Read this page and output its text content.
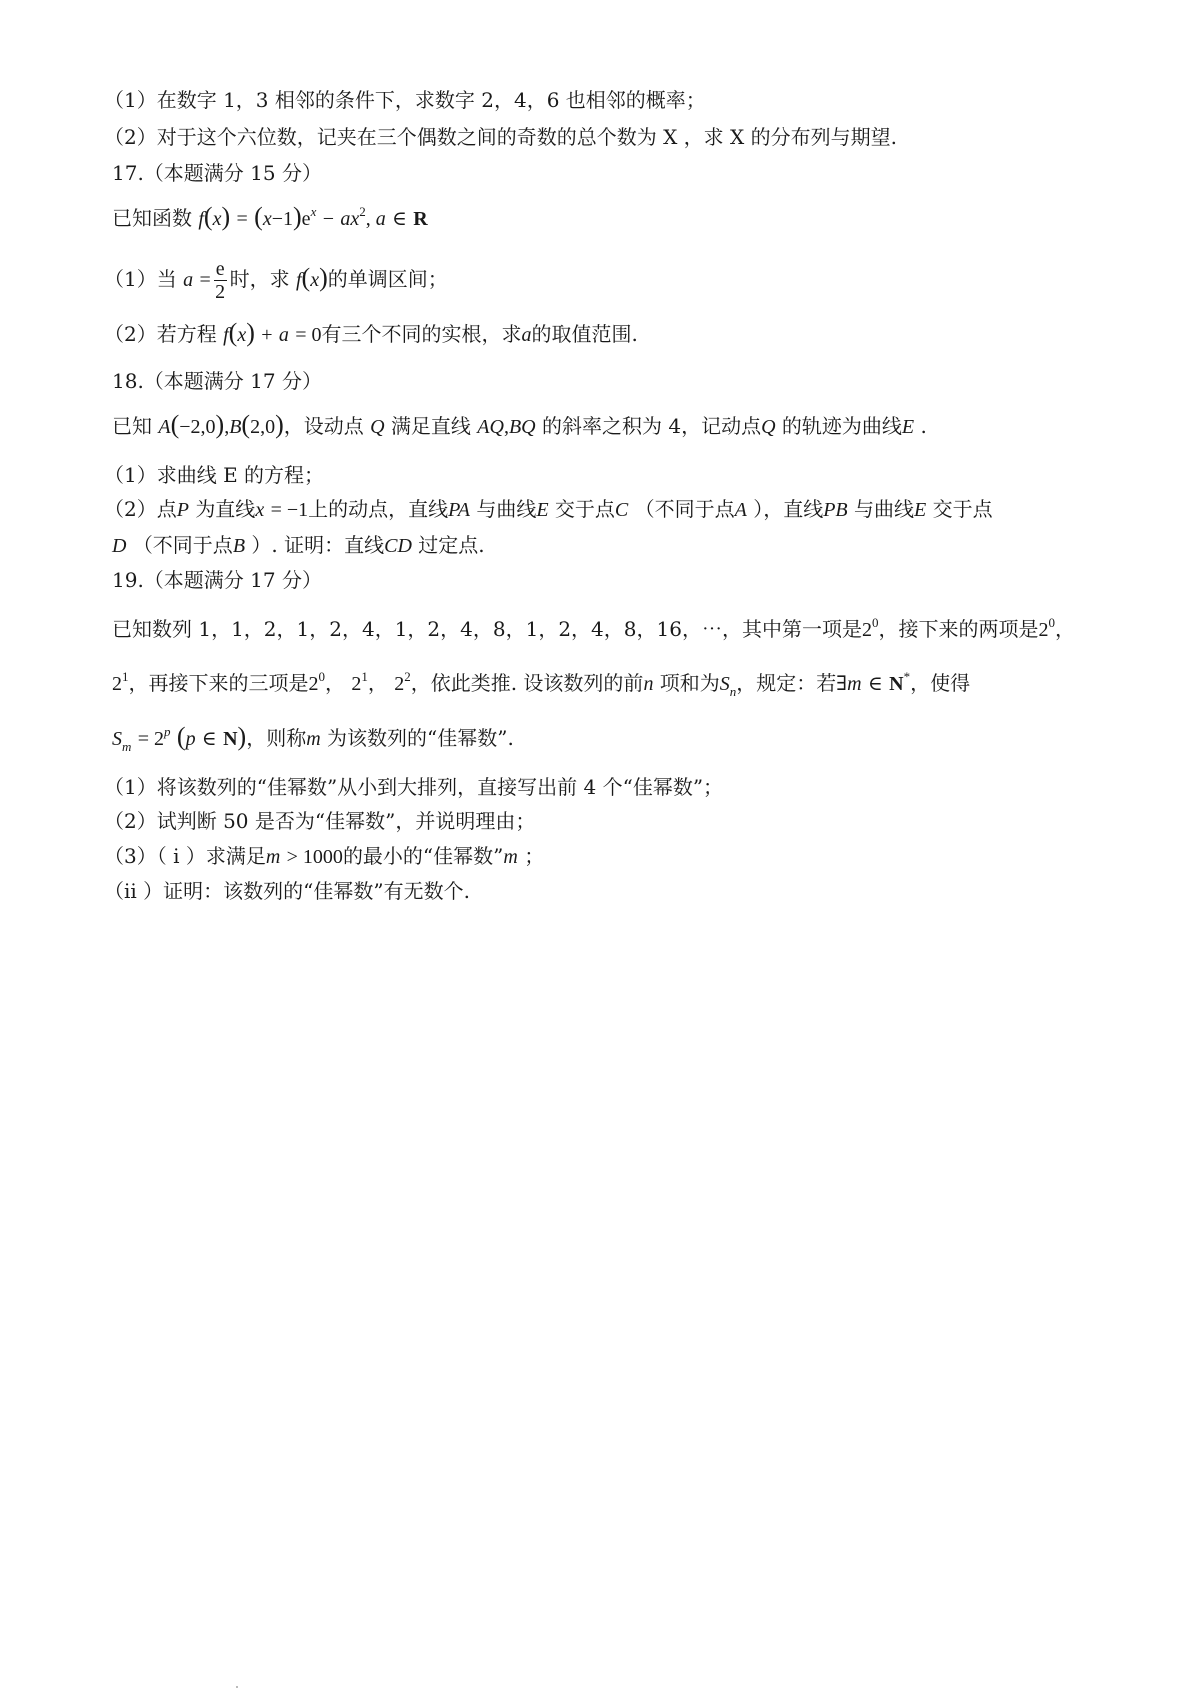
（1）在数字 1，3 相邻的条件下，求数字 2，4，6 也相邻的概率；
（2）对于这个六位数，记夹在三个偶数之间的奇数的总个数为 X ，求 X 的分布列与期望.
17.（本题满分 15 分）
已知函数 $f(x) = (x-1)e^x - ax^2$, a ∈ R
（1）当 $a = \frac{e}{2}$ 时，求 f(x)的单调区间；
（2）若方程 f(x) + a = 0有三个不同的实根，求a的取值范围.
18.（本题满分 17 分）
已知 A(−2,0),B(2,0)，设动点 Q 满足直线 AQ,BQ 的斜率之积为 4，记动点Q 的轨迹为曲线E .
（1）求曲线 E 的方程；
（2）点P 为直线x = −1上的动点，直线PA 与曲线E 交于点C （不同于点A ），直线PB 与曲线E 交于点
D （不同于点B ）. 证明：直线CD 过定点.
19.（本题满分 17 分）
已知数列 1，1，2，1，2，4，1，2，4，8，1，2，4，8，16，⋯，其中第一项是$2^0$，接下来的两项是$2^0$，
$2^1$，再接下来的三项是$2^0$， $2^1$， $2^2$，依此类推. 设该数列的前n 项和为$S_n$，规定：若∃m ∈ N*，使得
$S_m = 2^p$ (p ∈ N)，则称m 为该数列的“佳幂数”.
（1）将该数列的“佳幂数”从小到大排列，直接写出前 4 个“佳幂数”；
（2）试判断 50 是否为“佳幂数”，并说明理由；
（3）（ i ）求满足m > 1000的最小的“佳幂数”m ；
（ii ）证明：该数列的“佳幂数”有无数个.
